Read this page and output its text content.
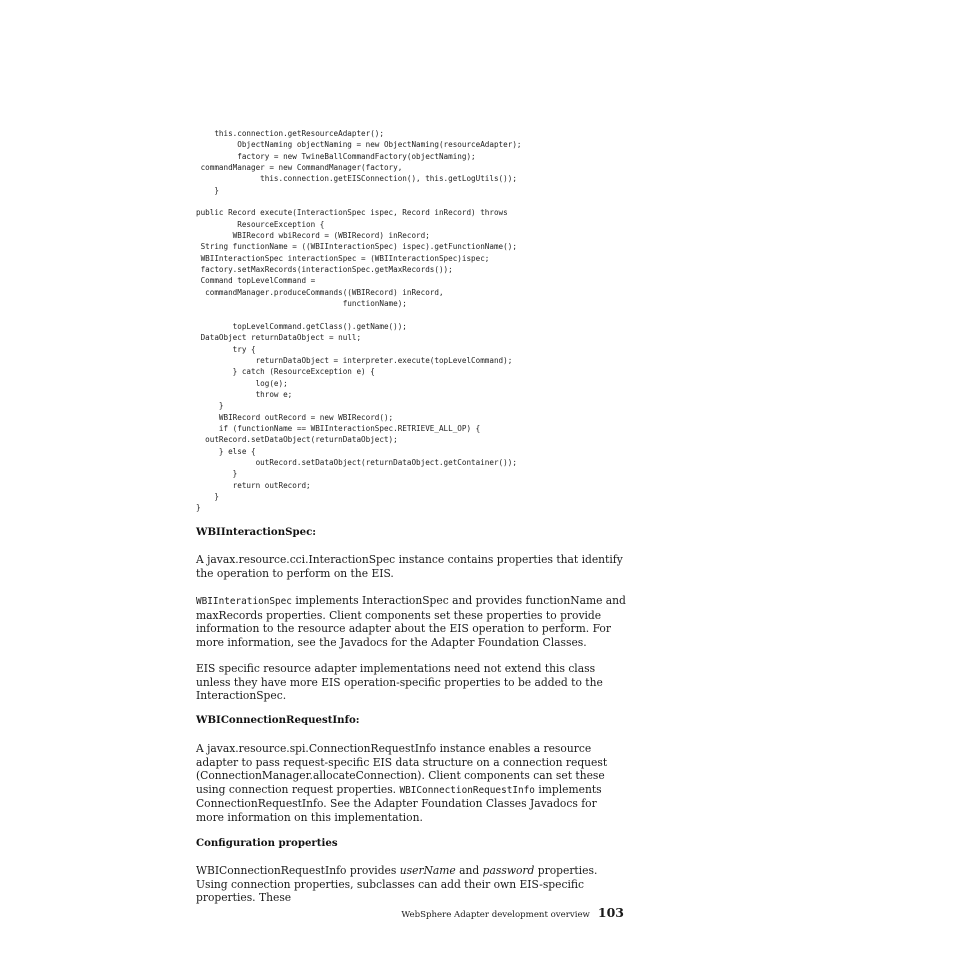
this.connection.getResourceAdapter();
ObjectNaming objectNaming = new ObjectNaming(resourceAdapter);
factory = new TwineBallCommandFactory(objectNaming);
commandManager = new CommandManager(factory,
this.connection.getEISConnection(), this.getLogUtils());
}

public Record execute(InteractionSpec ispec, Record inRecord) throws
ResourceException {
WBIRecord wbiRecord = (WBIRecord) inRecord;
String functionName = ((WBIInteractionSpec) ispec).getFunctionName();
WBIInteractionSpec interactionSpec = (WBIInteractionSpec)ispec;
factory.setMaxRecords(interactionSpec.getMaxRecords());
Command topLevelCommand =
commandManager.produceCommands((WBIRecord) inRecord,
functionName);

topLevelCommand.getClass().getName());
DataObject returnDataObject = null;
try {
returnDataObject = interpreter.execute(topLevelCommand);
} catch (ResourceException e) {
log(e);
throw e;
}
WBIRecord outRecord = new WBIRecord();
if (functionName == WBIInteractionSpec.RETRIEVE_ALL_OP) {
outRecord.setDataObject(returnDataObject);
} else {
outRecord.setDataObject(returnDataObject.getContainer());
}
return outRecord;
}
}
WBIInteractionSpec:

A javax.resource.cci.InteractionSpec instance contains properties that identify the operation to perform on the EIS.

WBIInterationSpec implements InteractionSpec and provides functionName and maxRecords properties. Client components set these properties to provide information to the resource adapter about the EIS operation to perform. For more information, see the Javadocs for the Adapter Foundation Classes.

EIS specific resource adapter implementations need not extend this class unless they have more EIS operation-specific properties to be added to the InteractionSpec.

WBIConnectionRequestInfo:

A javax.resource.spi.ConnectionRequestInfo instance enables a resource adapter to pass request-specific EIS data structure on a connection request (ConnectionManager.allocateConnection). Client components can set these using connection request properties. WBIConnectionRequestInfo implements ConnectionRequestInfo. See the Adapter Foundation Classes Javadocs for more information on this implementation.

Configuration properties

WBIConnectionRequestInfo provides userName and password properties. Using connection properties, subclasses can add their own EIS-specific properties. These

WebSphere Adapter development overview 103
